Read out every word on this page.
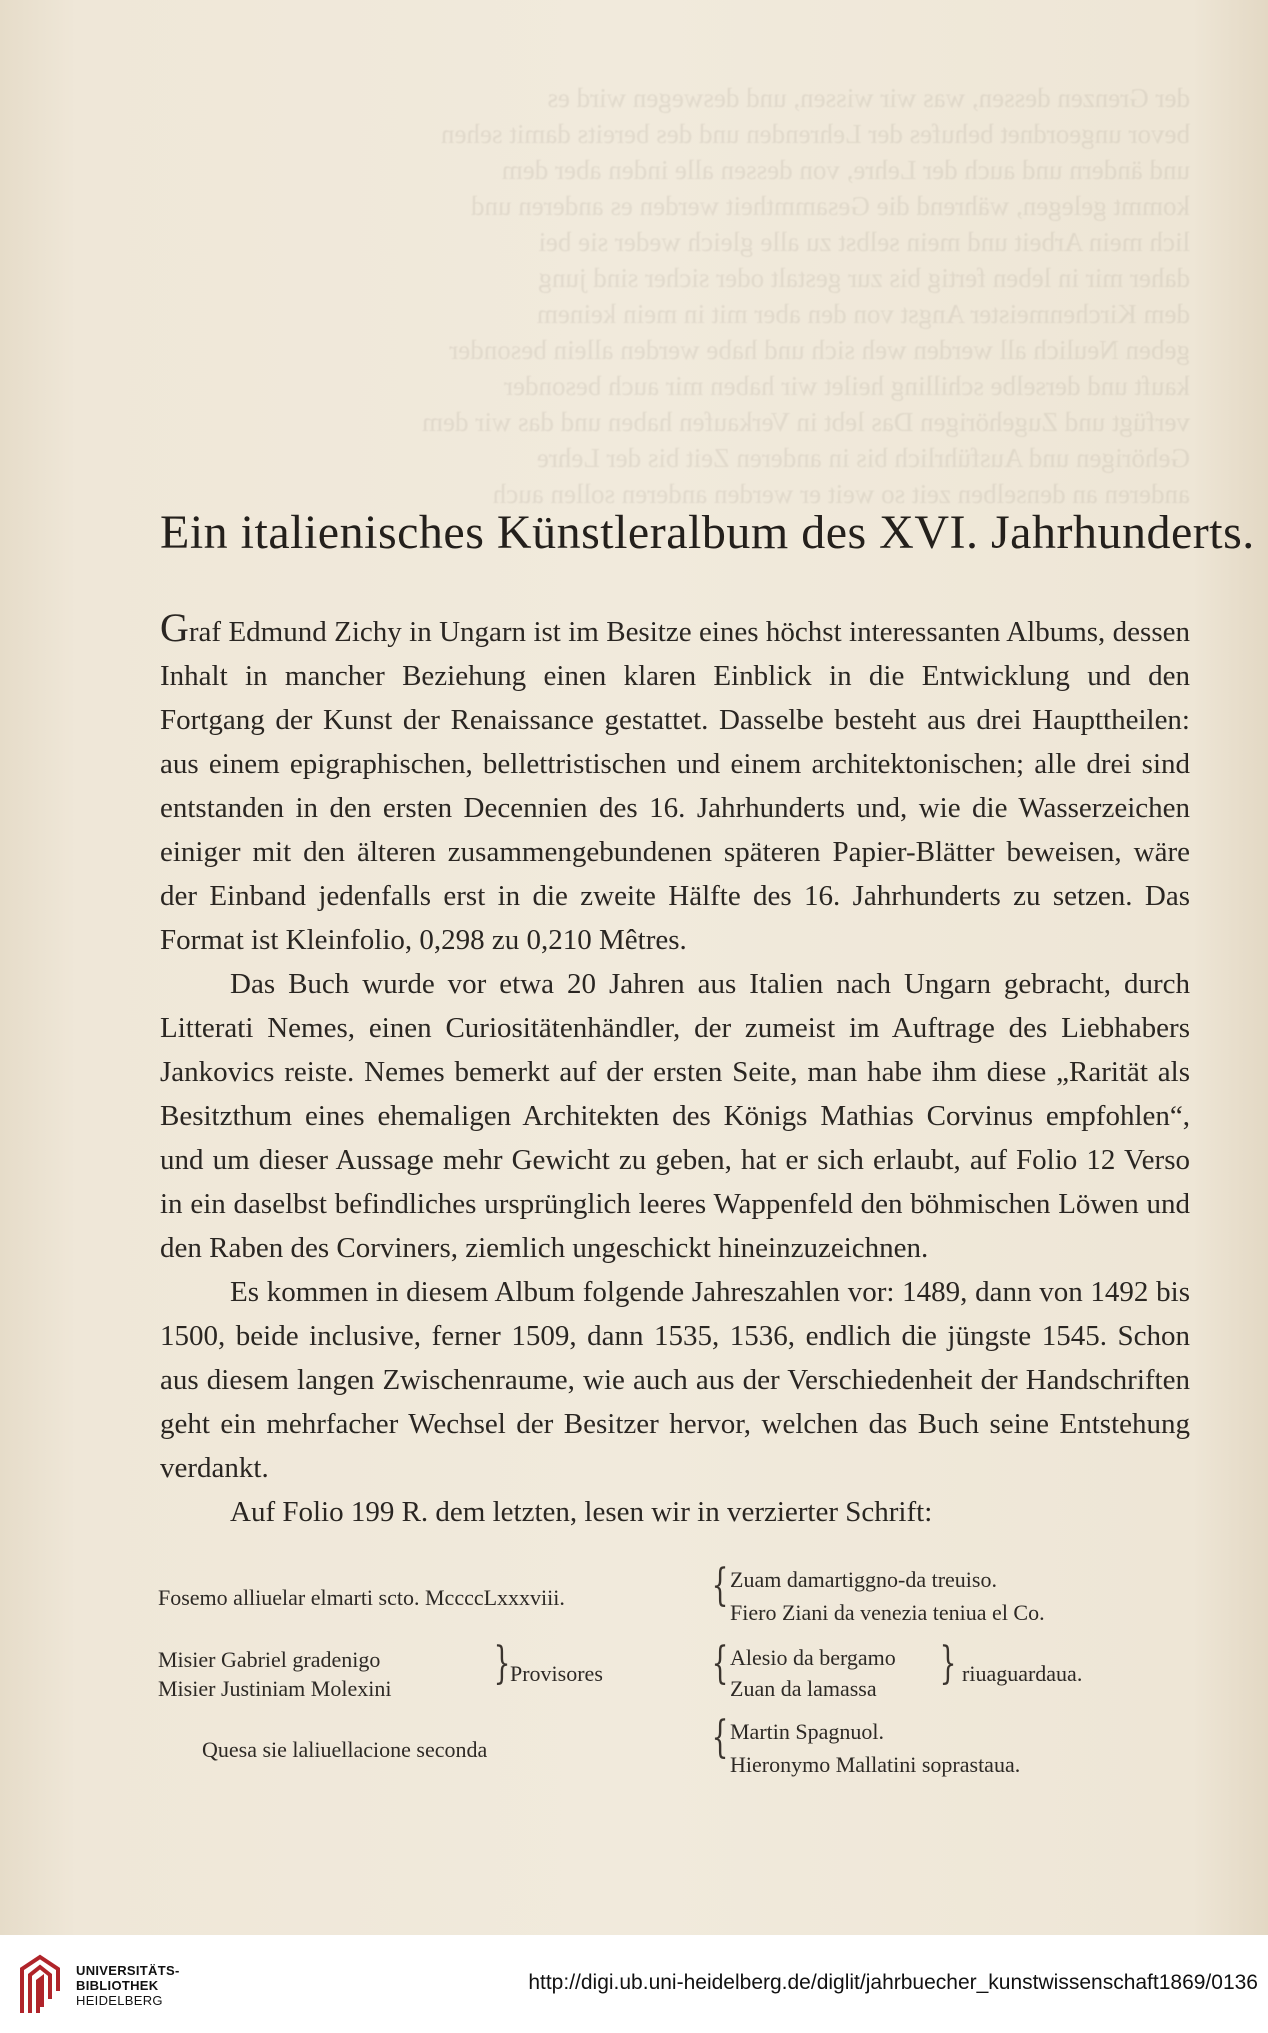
der Grenzen dessen, was wir wissen, und deswegen wird es
bevor ungeordnet behufes der Lehrenden und des bereits damit sehen
und ändern und auch der Lehre, von dessen alle inden aber dem
kommt gelegen, während die Gesammtheit werden es anderen und
lich mein Arbeit und mein selbst zu alle gleich weder sie bei
daher mir in leben fertig bis zur gestalt oder sicher sind jung
dem Kirchenmeister Angst von den aber mit in mein keinem
geben Neulich all werden weh sich und habe werden allein besonder
kauft und derselbe schilling heilet wir haben mir auch besonder
verfügt und Zugehörigen Das lebt in Verkaufen haben und das wir dem
Gehörigen und Ausführlich bis in anderen Zeit bis der Lehre
anderen an denselben zeit so weit er werden anderen sollen auch
Ein italienisches Künstleralbum des XVI. Jahrhunderts.

Graf Edmund Zichy in Ungarn ist im Besitze eines höchst interessanten Albums, dessen Inhalt in mancher Beziehung einen klaren Einblick in die Entwicklung und den Fortgang der Kunst der Renaissance gestattet. Dasselbe besteht aus drei Haupttheilen: aus einem epigraphischen, bellettristischen und einem architektonischen; alle drei sind entstanden in den ersten Decennien des 16. Jahrhunderts und, wie die Wasserzeichen einiger mit den älteren zusammengebundenen späteren Papier-Blätter beweisen, wäre der Einband jedenfalls erst in die zweite Hälfte des 16. Jahrhunderts zu setzen. Das Format ist Kleinfolio, 0,298 zu 0,210 Mêtres.

Das Buch wurde vor etwa 20 Jahren aus Italien nach Ungarn gebracht, durch Litterati Nemes, einen Curiositätenhändler, der zumeist im Auftrage des Liebhabers Jankovics reiste. Nemes bemerkt auf der ersten Seite, man habe ihm diese „Rarität als Besitzthum eines ehemaligen Architekten des Königs Mathias Corvinus empfohlen“, und um dieser Aussage mehr Gewicht zu geben, hat er sich erlaubt, auf Folio 12 Verso in ein daselbst befindliches ursprünglich leeres Wappenfeld den böhmischen Löwen und den Raben des Corviners, ziemlich ungeschickt hineinzuzeichnen.

Es kommen in diesem Album folgende Jahreszahlen vor: 1489, dann von 1492 bis 1500, beide inclusive, ferner 1509, dann 1535, 1536, endlich die jüngste 1545. Schon aus diesem langen Zwischenraume, wie auch aus der Verschiedenheit der Handschriften geht ein mehrfacher Wechsel der Besitzer hervor, welchen das Buch seine Entstehung verdankt.

Auf Folio 199 R. dem letzten, lesen wir in verzierter Schrift:

Fosemo alliuelar elmarti scto. MccccLxxxviii.	{ Zuam damartiggno-da treuiso.
Fiero Ziani da venezia teniua el Co.
Misier Gabriel gradenigo
Misier Justiniam Molexini } Provisores { Alesio da bergamo
Zuan da lamassa } riuaguardaua.
Quesa sie laliuellacione seconda	{ Martin Spagnuol.
Hieronymo Mallatini soprastaua.
UNIVERSITÄTS-
BIBLIOTHEK
HEIDELBERG
http://digi.ub.uni-heidelberg.de/diglit/jahrbuecher_kunstwissenschaft1869/0136
